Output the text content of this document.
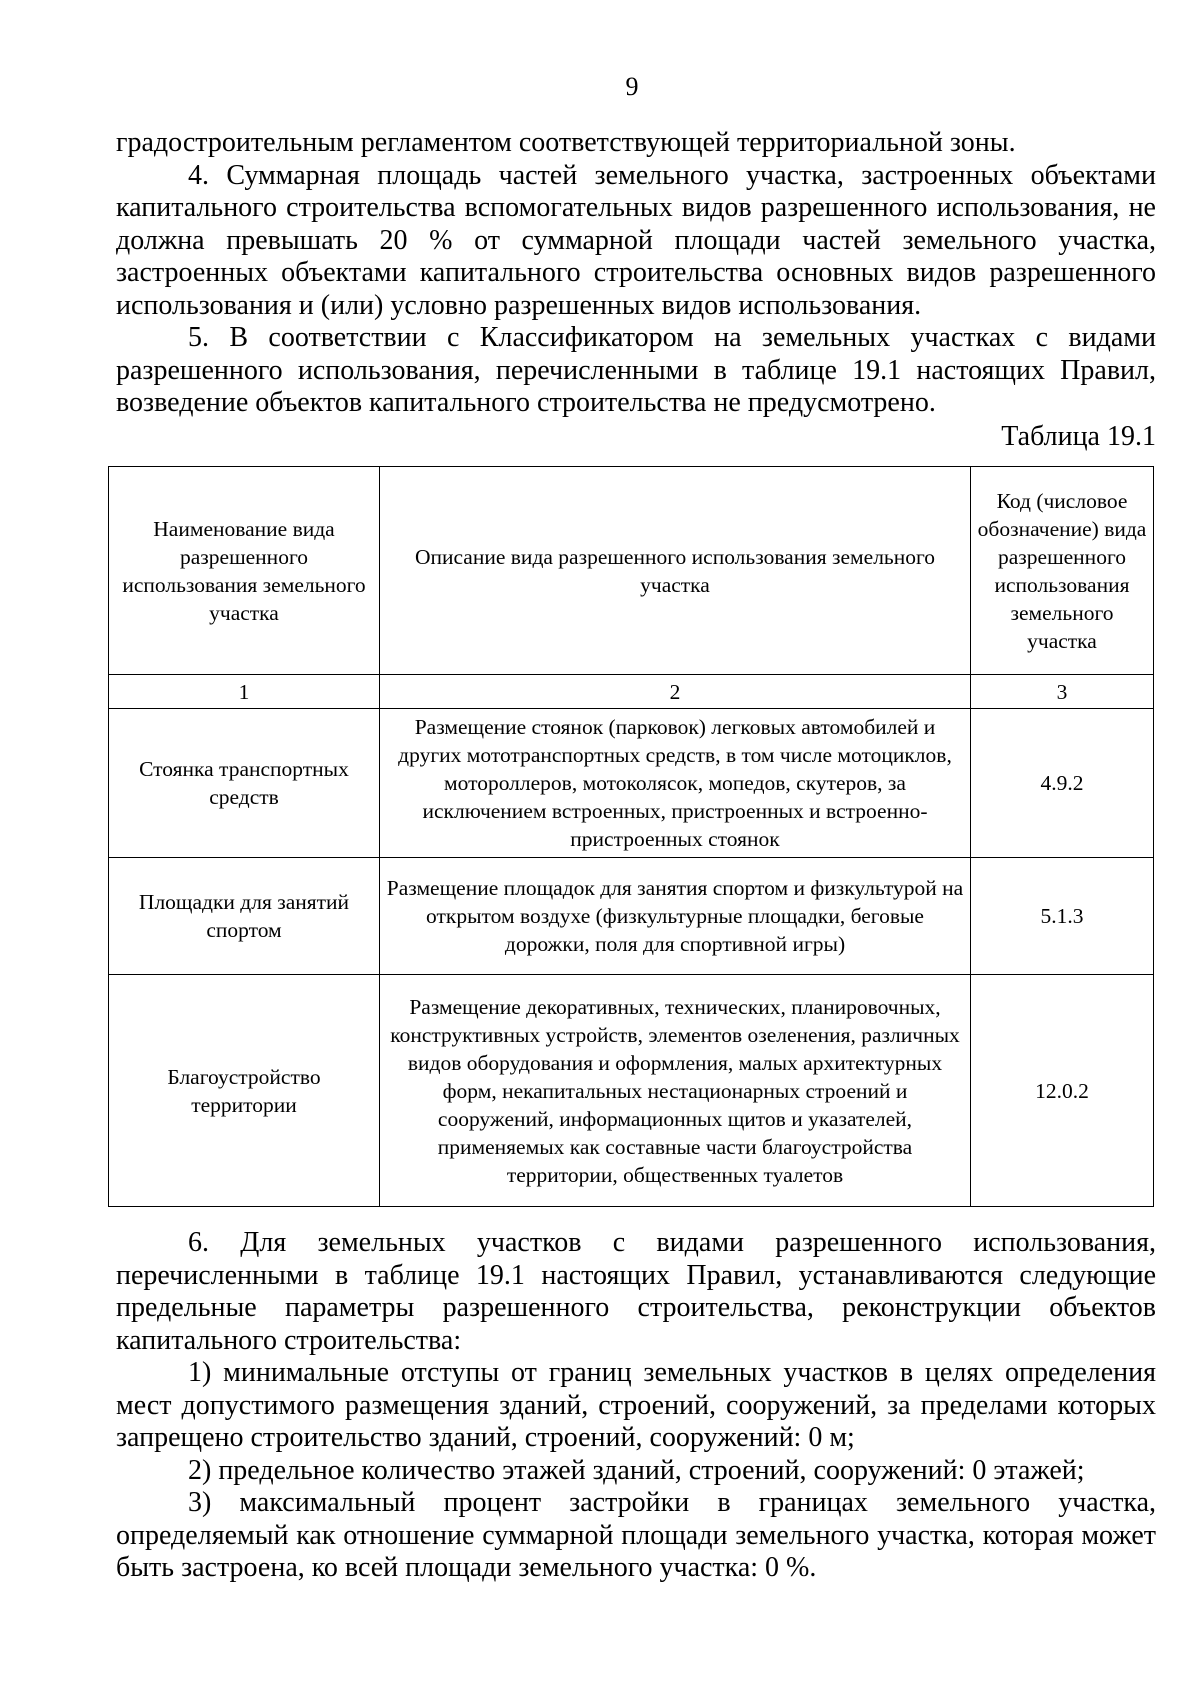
9

градостроительным регламентом соответствующей территориальной зоны.

4. Суммарная площадь частей земельного участка, застроенных объектами капитального строительства вспомогательных видов разрешенного использования, не должна превышать 20 % от суммарной площади частей земельного участка, застроенных объектами капитального строительства основных видов разрешенного использования и (или) условно разрешенных видов использования.

5. В соответствии с Классификатором на земельных участках с видами разрешенного использования, перечисленными в таблице 19.1 настоящих Правил, возведение объектов капитального строительства не предусмотрено.

Таблица 19.1
Наименование вида разрешенного использования земельного участка	Описание вида разрешенного использования земельного участка	Код (числовое обозначение) вида разрешенного использования земельного участка
1	2	3
Стоянка транспортных средств	Размещение стоянок (парковок) легковых автомобилей и других мототранспортных средств, в том числе мотоциклов, мотороллеров, мотоколясок, мопедов, скутеров, за исключением встроенных, пристроенных и встроенно-пристроенных стоянок	4.9.2
Площадки для занятий спортом	Размещение площадок для занятия спортом и физкультурой на открытом воздухе (физкультурные площадки, беговые дорожки, поля для спортивной игры)	5.1.3
Благоустройство территории	Размещение декоративных, технических, планировочных, конструктивных устройств, элементов озеленения, различных видов оборудования и оформления, малых архитектурных форм, некапитальных нестационарных строений и сооружений, информационных щитов и указателей, применяемых как составные части благоустройства территории, общественных туалетов	12.0.2

6. Для земельных участков с видами разрешенного использования, перечисленными в таблице 19.1 настоящих Правил, устанавливаются следующие предельные параметры разрешенного строительства, реконструкции объектов капитального строительства:

1) минимальные отступы от границ земельных участков в целях определения мест допустимого размещения зданий, строений, сооружений, за пределами которых запрещено строительство зданий, строений, сооружений: 0 м;

2) предельное количество этажей зданий, строений, сооружений: 0 этажей;

3) максимальный процент застройки в границах земельного участка, определяемый как отношение суммарной площади земельного участка, которая может быть застроена, ко всей площади земельного участка: 0 %.
